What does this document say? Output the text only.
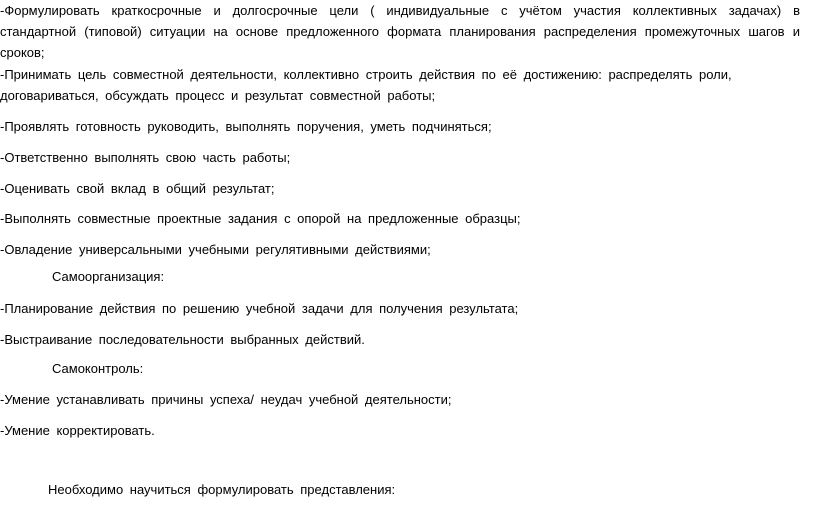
-Формулировать краткосрочные и долгосрочные цели ( индивидуальные с учётом участия коллективных задачах) в стандартной (типовой) ситуации на основе предложенного формата планирования распределения промежуточных шагов и сроков;

-Принимать цель совместной деятельности, коллективно строить действия по её достижению: распределять роли, договариваться, обсуждать процесс и результат совместной работы;

-Проявлять готовность руководить, выполнять поручения, уметь подчиняться;

-Ответственно выполнять свою часть работы;

-Оценивать свой вклад в общий результат;

-Выполнять совместные проектные задания с опорой на предложенные образцы;

-Овладение универсальными учебными регулятивными действиями;

Самоорганизация:

-Планирование действия по решению учебной задачи для получения результата;

-Выстраивание последовательности выбранных действий.

Самоконтроль:

-Умение устанавливать причины успеха/ неудач учебной деятельности;

-Умение корректировать.

Необходимо научиться формулировать представления:
